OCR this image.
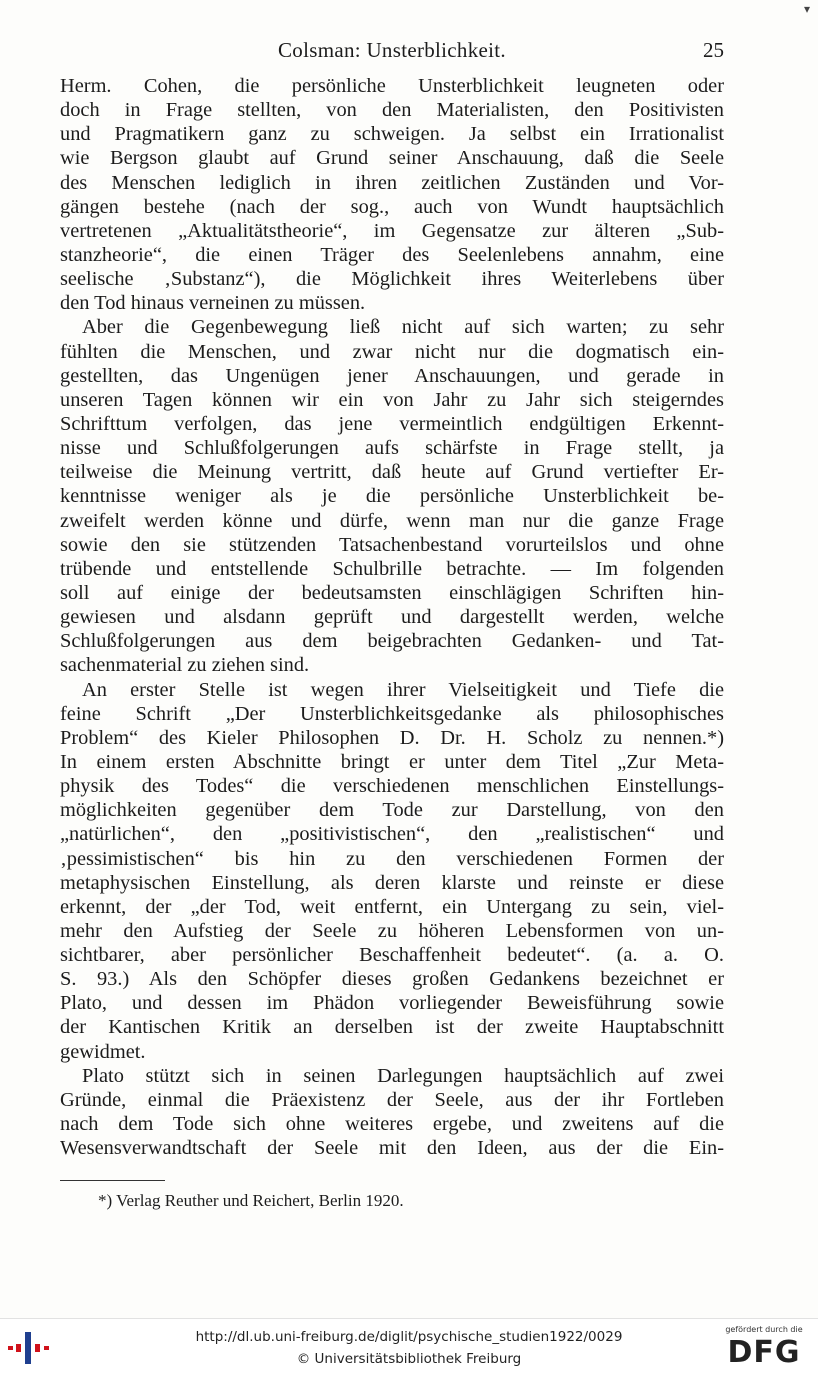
▾
Colsman: Unsterblichkeit.	25
Herm. Cohen, die persönliche Unsterblichkeit leugneten oder
doch in Frage stellten, von den Materialisten, den Positivisten
und Pragmatikern ganz zu schweigen. Ja selbst ein Irrationalist
wie Bergson glaubt auf Grund seiner Anschauung, daß die Seele
des Menschen lediglich in ihren zeitlichen Zuständen und Vor-
gängen bestehe (nach der sog., auch von Wundt hauptsächlich
vertretenen „Aktualitätstheorie“, im Gegensatze zur älteren „Sub-
stanzheorie“, die einen Träger des Seelenlebens annahm, eine
seelische ‚Substanz“), die Möglichkeit ihres Weiterlebens über
den Tod hinaus verneinen zu müssen.
Aber die Gegenbewegung ließ nicht auf sich warten; zu sehr
fühlten die Menschen, und zwar nicht nur die dogmatisch ein-
gestellten, das Ungenügen jener Anschauungen, und gerade in
unseren Tagen können wir ein von Jahr zu Jahr sich steigerndes
Schrifttum verfolgen, das jene vermeintlich endgültigen Erkennt-
nisse und Schlußfolgerungen aufs schärfste in Frage stellt, ja
teilweise die Meinung vertritt, daß heute auf Grund vertiefter Er-
kenntnisse weniger als je die persönliche Unsterblichkeit be-
zweifelt werden könne und dürfe, wenn man nur die ganze Frage
sowie den sie stützenden Tatsachenbestand vorurteilslos und ohne
trübende und entstellende Schulbrille betrachte. — Im folgenden
soll auf einige der bedeutsamsten einschlägigen Schriften hin-
gewiesen und alsdann geprüft und dargestellt werden, welche
Schlußfolgerungen aus dem beigebrachten Gedanken- und Tat-
sachenmaterial zu ziehen sind.
An erster Stelle ist wegen ihrer Vielseitigkeit und Tiefe die
feine Schrift „Der Unsterblichkeitsgedanke als philosophisches
Problem“ des Kieler Philosophen D. Dr. H. Scholz zu nennen.*)
In einem ersten Abschnitte bringt er unter dem Titel „Zur Meta-
physik des Todes“ die verschiedenen menschlichen Einstellungs-
möglichkeiten gegenüber dem Tode zur Darstellung, von den
„natürlichen“, den „positivistischen“, den „realistischen“ und
‚pessimistischen“ bis hin zu den verschiedenen Formen der
metaphysischen Einstellung, als deren klarste und reinste er diese
erkennt, der „der Tod, weit entfernt, ein Untergang zu sein, viel-
mehr den Aufstieg der Seele zu höheren Lebensformen von un-
sichtbarer, aber persönlicher Beschaffenheit bedeutet“. (a. a. O.
S. 93.) Als den Schöpfer dieses großen Gedankens bezeichnet er
Plato, und dessen im Phädon vorliegender Beweisführung sowie
der Kantischen Kritik an derselben ist der zweite Hauptabschnitt
gewidmet.
Plato stützt sich in seinen Darlegungen hauptsächlich auf zwei
Gründe, einmal die Präexistenz der Seele, aus der ihr Fortleben
nach dem Tode sich ohne weiteres ergebe, und zweitens auf die
Wesensverwandtschaft der Seele mit den Ideen, aus der die Ein-
*) Verlag Reuther und Reichert, Berlin 1920.
http://dl.ub.uni-freiburg.de/diglit/psychische_studien1922/0029
© Universitätsbibliothek Freiburg
gefördert durch die
DFG
